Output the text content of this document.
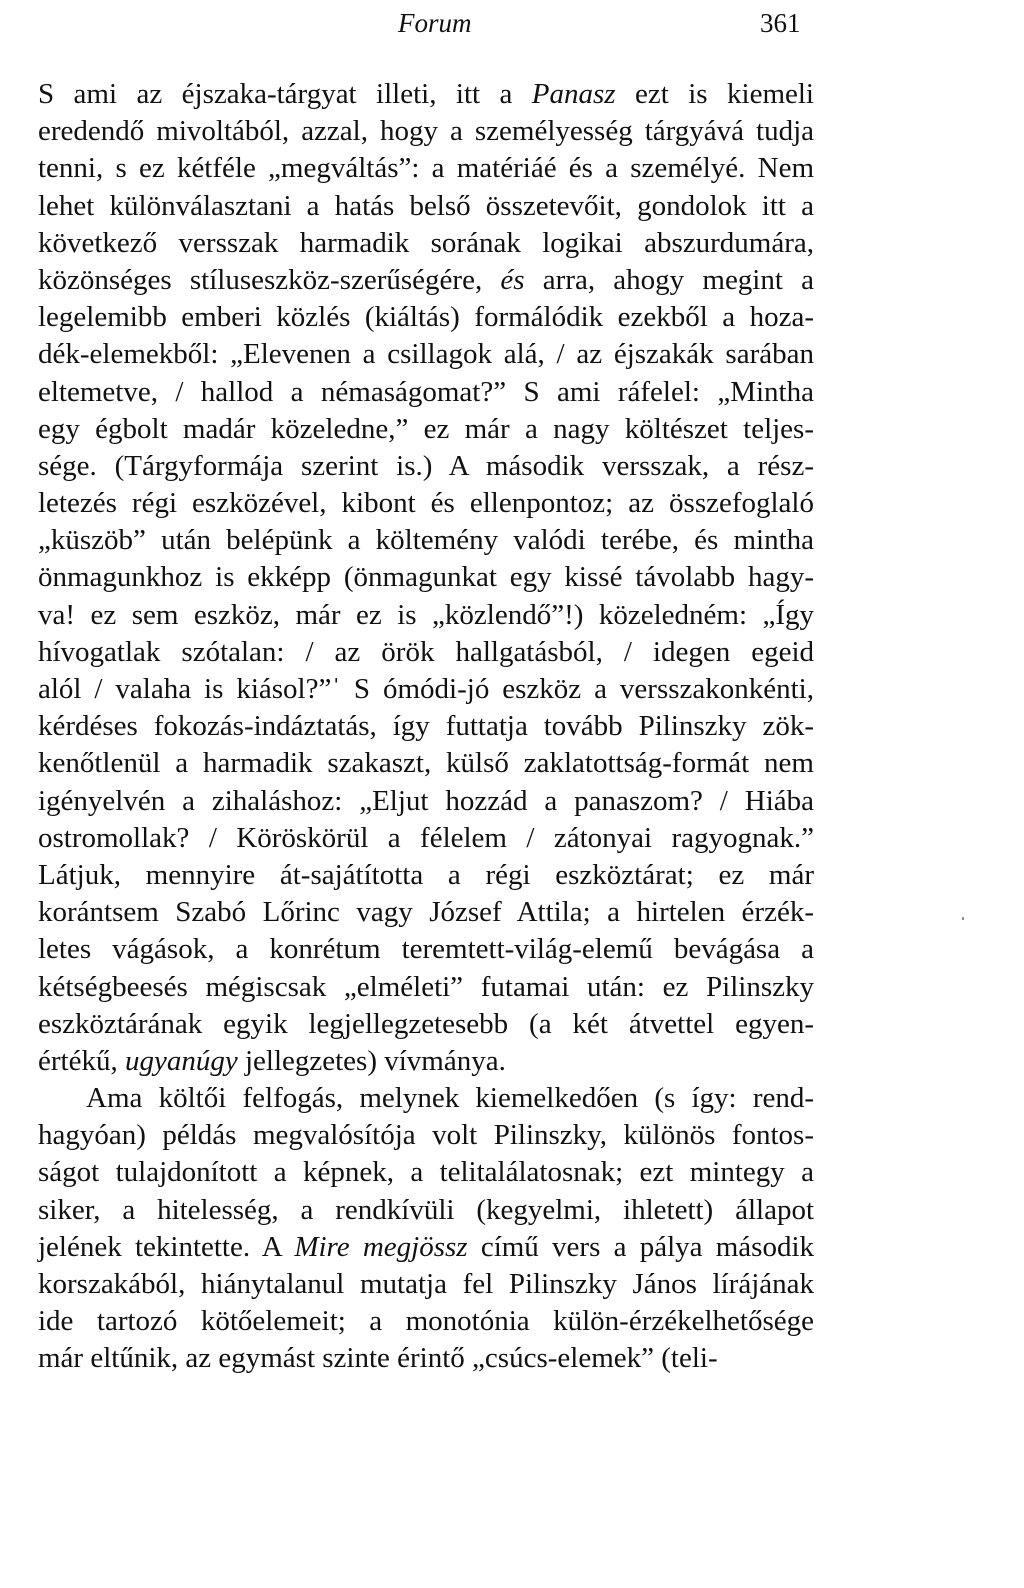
Forum	361
S ami az éjszaka-tárgyat illeti, itt a Panasz ezt is kiemeli
eredendő mivoltából, azzal, hogy a személyesség tárgyává tudja
tenni, s ez kétféle „megváltás”: a matériáé és a személyé. Nem
lehet különválasztani a hatás belső összetevőit, gondolok itt a
következő versszak harmadik sorának logikai abszurdumára,
közönséges stíluseszköz-szerűségére, és arra, ahogy megint a
legelemibb emberi közlés (kiáltás) formálódik ezekből a hoza-
dék-elemekből: „Elevenen a csillagok alá, / az éjszakák sarában
eltemetve, / hallod a némaságomat?” S ami ráfelel: „Mintha
egy égbolt madár közeledne,” ez már a nagy költészet teljes-
sége. (Tárgyformája szerint is.) A második versszak, a rész-
letezés régi eszközével, kibont és ellenpontoz; az összefoglaló
„küszöb” után belépünk a költemény valódi terébe, és mintha
önmagunkhoz is ekképp (önmagunkat egy kissé távolabb hagy-
va! ez sem eszköz, már ez is „közlendő”!) közeledném: „Így
hívogatlak szótalan: / az örök hallgatásból, / idegen egeid
alól / valaha is kiásol?”ˈ S ómódi-jó eszköz a versszakonkénti,
kérdéses fokozás-indáztatás, így futtatja tovább Pilinszky zök-
kenőtlenül a harmadik szakaszt, külső zaklatottság-formát nem
igényelvén a zihaláshoz: „Eljut hozzád a panaszom? / Hiába
ostromollak? / Köröskörül a félelem / zátonyai ragyognak.”
Látjuk, mennyire át-sajátította a régi eszköztárat; ez már
korántsem Szabó Lőrinc vagy József Attila; a hirtelen érzék-
letes vágások, a konrétum teremtett-világ-elemű bevágása a
kétségbeesés mégiscsak „elméleti” futamai után: ez Pilinszky
eszköztárának egyik legjellegzetesebb (a két átvettel egyen-
értékű, ugyanúgy jellegzetes) vívmánya.
Ama költői felfogás, melynek kiemelkedően (s így: rend-
hagyóan) példás megvalósítója volt Pilinszky, különös fontos-
ságot tulajdonított a képnek, a telitalálatosnak; ezt mintegy a
siker, a hitelesség, a rendkívüli (kegyelmi, ihletett) állapot
jelének tekintette. A Mire megjössz című vers a pálya második
korszakából, hiánytalanul mutatja fel Pilinszky János lírájának
ide tartozó kötőelemeit; a monotónia külön-érzékelhetősége
már eltűnik, az egymást szinte érintő „csúcs-elemek” (teli-
ˌ
